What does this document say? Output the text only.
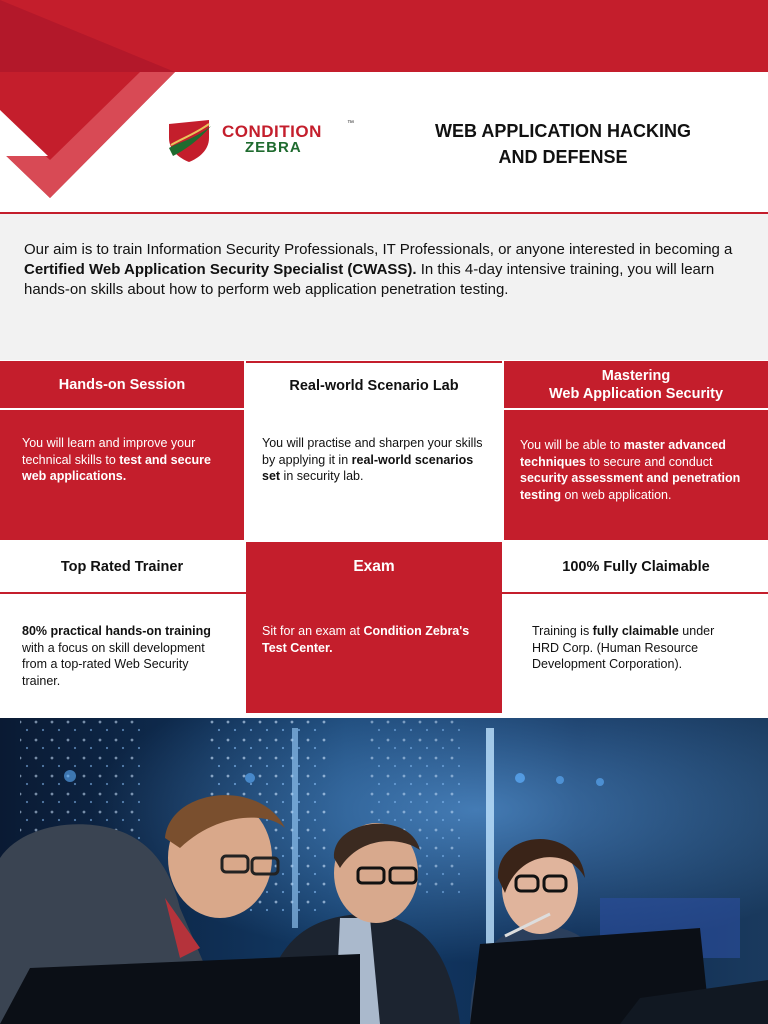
CONDITION	™
ZEBRA
WEB APPLICATION HACKING
AND DEFENSE

Our aim is to train Information Security Professionals, IT Professionals, or anyone interested in becoming a Certified Web Application Security Specialist (CWASS). In this 4-day intensive training, you will learn hands-on skills about how to perform web application penetration testing.

Hands-on Session	Real-world Scenario Lab
Mastering
Web Application Security

You will learn and improve your technical skills to test and secure web applications.

You will practise and sharpen your skills by applying it in real-world scenarios set in security lab.

You will be able to master advanced techniques to secure and conduct security assessment and penetration testing on web application.

Top Rated Trainer	Exam	100% Fully Claimable

80% practical hands-on training with a focus on skill development from a top-rated Web Security trainer.

Sit for an exam at Condition Zebra's Test Center.

Training is fully claimable under HRD Corp. (Human Resource Development Corporation).
